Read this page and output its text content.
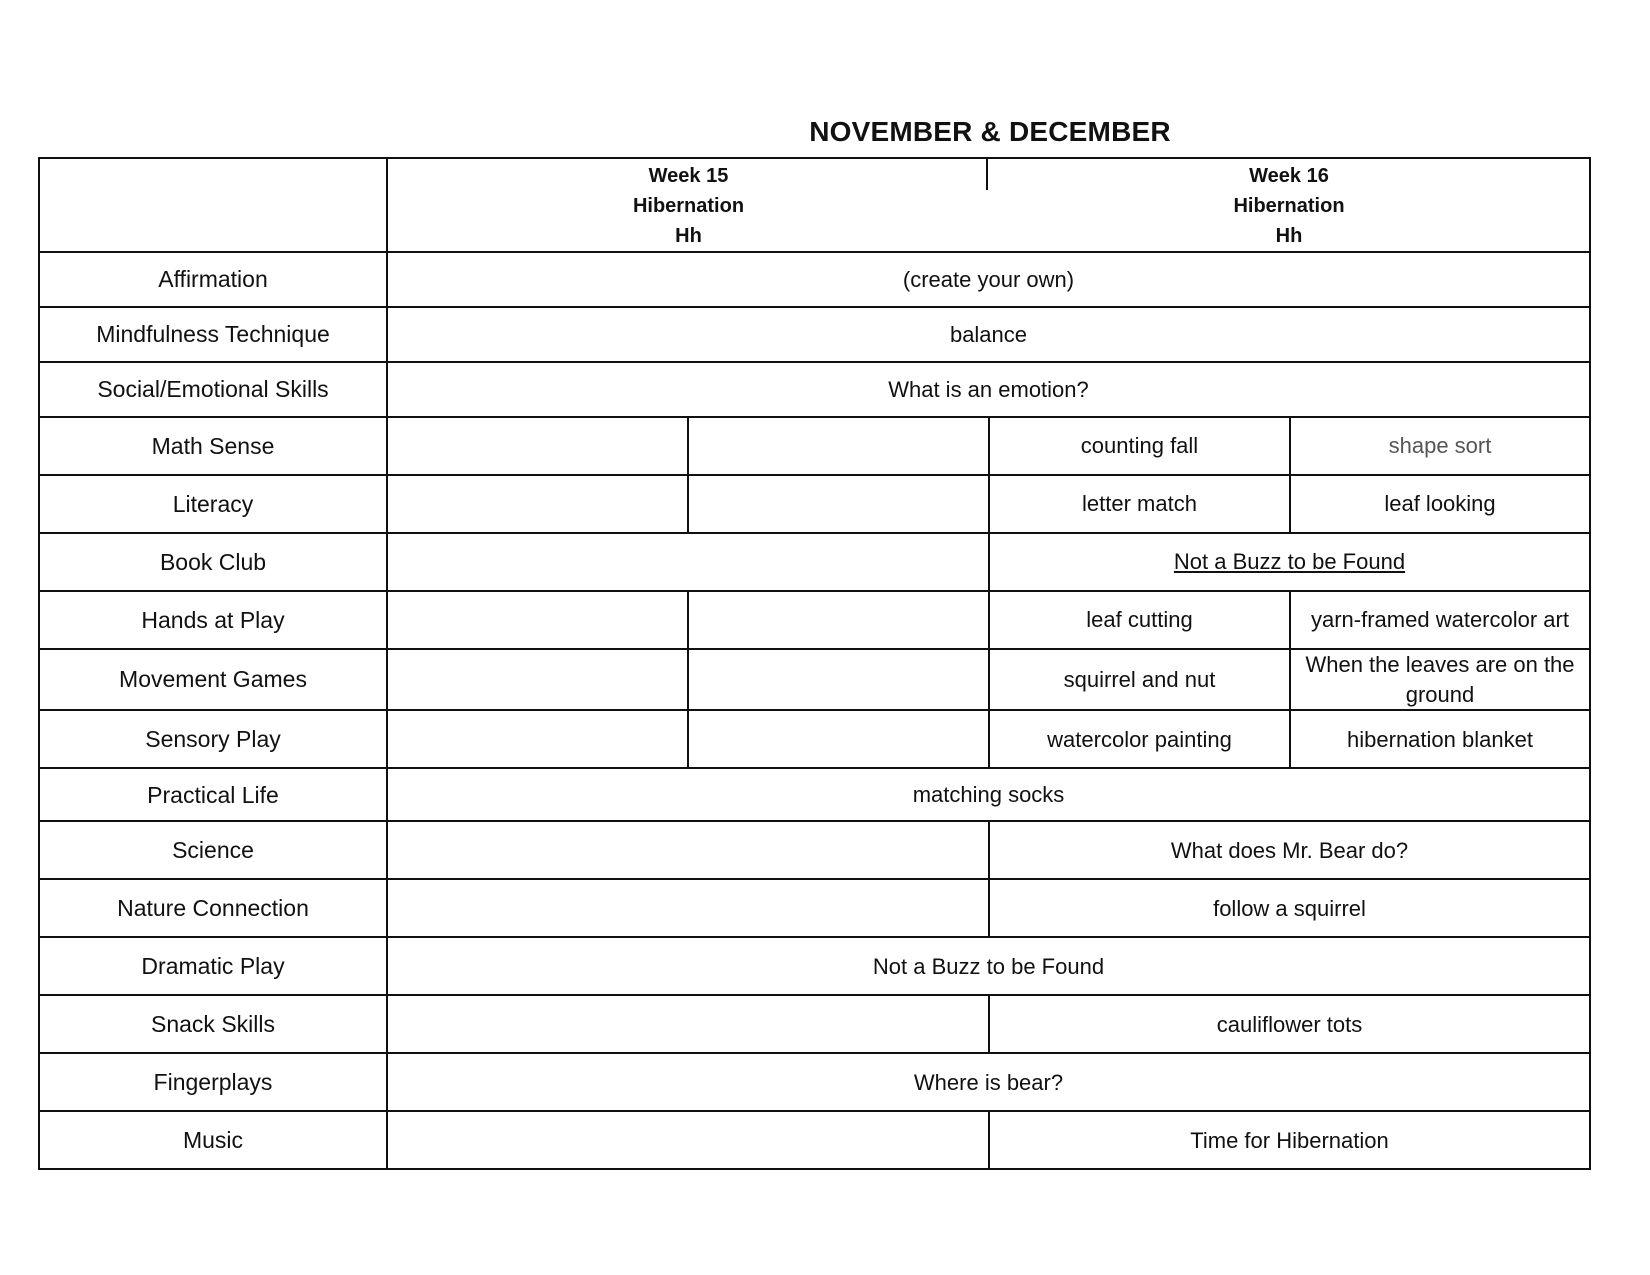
NOVEMBER & DECEMBER

	Week 15
Hibernation
Hh		Week 16
Hibernation
Hh	

Affirmation	(create your own)			
Mindfulness Technique	balance			
Social/Emotional Skills	What is an emotion?			
Math Sense			counting fall	shape sort
Literacy			letter match	leaf looking
Book Club			Not a Buzz to be Found	
Hands at Play			leaf cutting	yarn-framed watercolor art
Movement Games			squirrel and nut	When the leaves are on the ground
Sensory Play			watercolor painting	hibernation blanket
Practical Life	matching socks			
Science			What does Mr. Bear do?	
Nature Connection			follow a squirrel	
Dramatic Play	Not a Buzz to be Found			
Snack Skills			cauliflower tots	
Fingerplays	Where is bear?			
Music			Time for Hibernation	
